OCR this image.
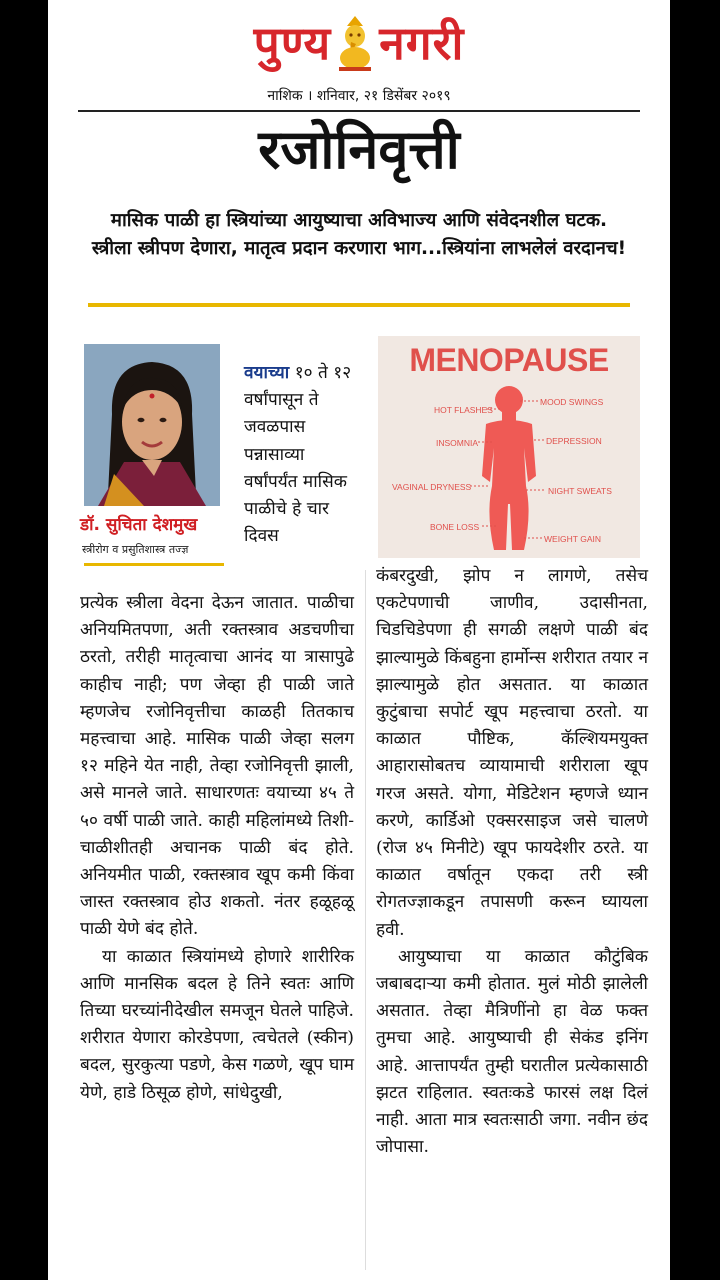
पुण्य नगरी
नाशिक । शनिवार, २१ डिसेंबर २०१९
रजोनिवृत्ती
मासिक पाळी हा स्त्रियांच्या आयुष्याचा अविभाज्य आणि संवेदनशील घटक. स्त्रीला स्त्रीपण देणारा, मातृत्व प्रदान करणारा भाग...स्त्रियांना लाभलेलं वरदानच!
डॉ. सुचिता देशमुख
स्त्रीरोग व प्रसुतिशास्त्र तज्ज्ञ

वयाच्या १० ते १२ वर्षांपासून ते जवळपास पन्नासाव्या वर्षांपर्यंत मासिक पाळीचे हे चार दिवस

MENOPAUSE
HOT FLASHES
INSOMNIA
VAGINAL DRYNESS
BONE LOSS
MOOD SWINGS
DEPRESSION
NIGHT SWEATS
WEIGHT GAIN

प्रत्येक स्त्रीला वेदना देऊन जातात. पाळीचा अनियमितपणा, अती रक्तस्त्राव अडचणीचा ठरतो, तरीही मातृत्वाचा आनंद या त्रासापुढे काहीच नाही; पण जेव्हा ही पाळी जाते म्हणजेच रजोनिवृत्तीचा काळही तितकाच महत्त्वाचा आहे. मासिक पाळी जेव्हा सलग १२ महिने येत नाही, तेव्हा रजोनिवृत्ती झाली, असे मानले जाते. साधारणतः वयाच्या ४५ ते ५० वर्षी पाळी जाते. काही महिलांमध्ये तिशी- चाळीशीतही अचानक पाळी बंद होते. अनियमीत पाळी, रक्तस्त्राव खूप कमी किंवा जास्त रक्तस्त्राव होउ शकतो. नंतर हळूहळू पाळी येणे बंद होते.

या काळात स्त्रियांमध्ये होणारे शारीरिक आणि मानसिक बदल हे तिने स्वतः आणि तिच्या घरच्यांनीदेखील समजून घेतले पाहिजे. शरीरात येणारा कोरडेपणा, त्वचेतले (स्कीन) बदल, सुरकुत्या पडणे, केस गळणे, खूप घाम येणे, हाडे ठिसूळ होणे, सांधेदुखी,

कंबरदुखी, झोप न लागणे, तसेच एकटेपणाची जाणीव, उदासीनता, चिडचिडेपणा ही सगळी लक्षणे पाळी बंद झाल्यामुळे किंबहुना हार्मोन्स शरीरात तयार न झाल्यामुळे होत असतात. या काळात कुटुंबाचा सपोर्ट खूप महत्त्वाचा ठरतो. या काळात पौष्टिक, कॅल्शियमयुक्त आहारासोबतच व्यायामाची शरीराला खूप गरज असते. योगा, मेडिटेशन म्हणजे ध्यान करणे, कार्डिओ एक्सरसाइज जसे चालणे (रोज ४५ मिनीटे) खूप फायदेशीर ठरते. या काळात वर्षातून एकदा तरी स्त्री रोगतज्ज्ञाकडून तपासणी करून घ्यायला हवी.

आयुष्याचा या काळात कौटुंबिक जबाबदाऱ्या कमी होतात. मुलं मोठी झालेली असतात. तेव्हा मैत्रिणींनो हा वेळ फक्त तुमचा आहे. आयुष्याची ही सेकंड इनिंग आहे. आत्तापर्यंत तुम्ही घरातील प्रत्येकासाठी झटत राहिलात. स्वतःकडे फारसं लक्ष दिलं नाही. आता मात्र स्वतःसाठी जगा. नवीन छंद जोपासा.
